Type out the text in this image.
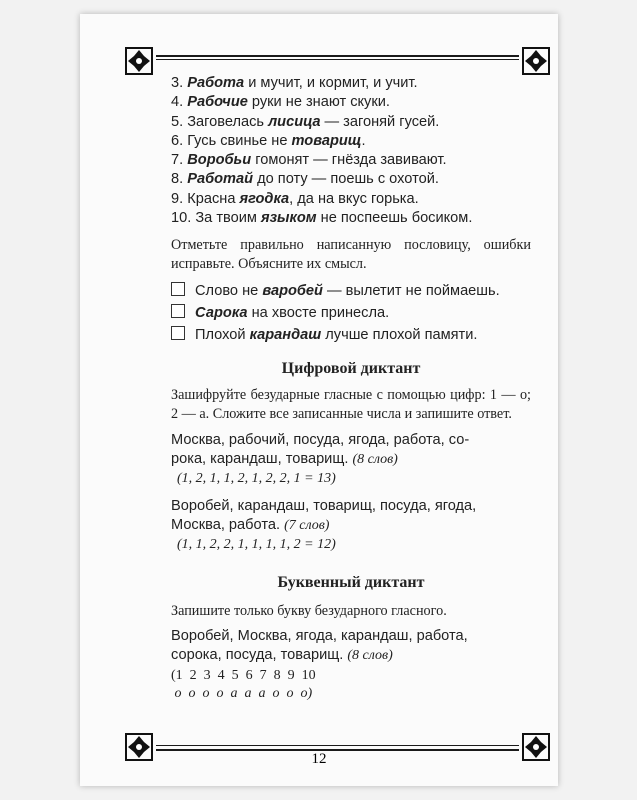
3. Работа и мучит, и кормит, и учит.
4. Рабочие руки не знают скуки.
5. Заговелась лисица — загоняй гусей.
6. Гусь свинье не товарищ.
7. Воробьи гомонят — гнёзда завивают.
8. Работай до поту — поешь с охотой.
9. Красна ягодка, да на вкус горька.
10. За твоим языком не поспеешь босиком.
Отметьте правильно написанную пословицу, ошибки исправьте. Объясните их смысл.
Слово не варобей — вылетит не поймаешь.
Сарока на хвосте принесла.
Плохой карандаш лучше плохой памяти.
Цифровой диктант
Зашифруйте безударные гласные с помощью цифр: 1 — о; 2 — а. Сложите все записанные числа и запишите ответ.
Москва, рабочий, посуда, ягода, работа, со-
рока, карандаш, товарищ. (8 слов)
(1, 2, 1, 1, 2, 1, 2, 2, 1 = 13)
Воробей, карандаш, товарищ, посуда, ягода,
Москва, работа. (7 слов)
(1, 1, 2, 2, 1, 1, 1, 1, 2 = 12)
Буквенный диктант
Запишите только букву безударного гласного.
Воробей, Москва, ягода, карандаш, работа,
сорока, посуда, товарищ. (8 слов)
(1  2  3  4  5  6  7  8  9  10
о  о  о  о  а  а  а  о  о  о)
12
